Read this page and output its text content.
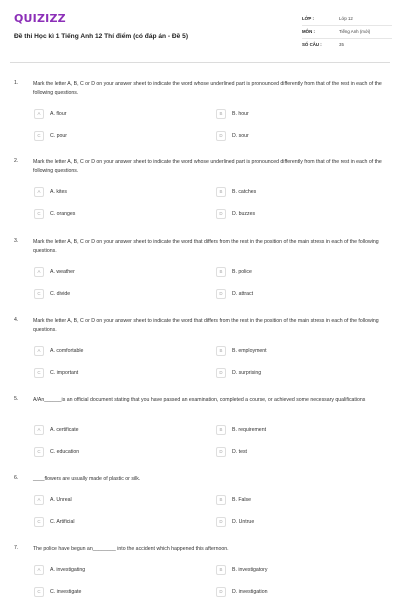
QUIZIZZ
Đề thi Học kì 1 Tiếng Anh 12 Thí điểm (có đáp án - Đề 5)
LỚP :	Lớp 12
MÔN :	Tiếng Anh (mới)
SỐ CÂU :	35
1.	Mark the letter A, B, C or D on your answer sheet to indicate the word whose underlined part is pronounced differently from that of the rest in each of the following questions.
A	A. flour	B	B. hour
C	C. pour	D	D. sour
2.	Mark the letter A, B, C or D on your answer sheet to indicate the word whose underlined part is pronounced differently from that of the rest in each of the following questions.
A	A. kites	B	B. catches
C	C. oranges	D	D. buzzes
3.	Mark the letter A, B, C or D on your answer sheet to indicate the word that differs from the rest in the position of the main stress in each of the following questions.
A	A. weather	B	B. police
C	C. divide	D	D. attract
4.	Mark the letter A, B, C or D on your answer sheet to indicate the word that differs from the rest in the position of the main stress in each of the following questions.
A	A. comfortable	B	B. employment
C	C. important	D	D. surprising
5.	A/An______is an official document stating that you have passed an examination, completed a course, or achieved some necessary qualifications
A	A. certificate	B	B. requirement
C	C. education	D	D. test
6.	____flowers are usually made of plastic or silk.
A	A. Unreal	B	B. False
C	C. Artificial	D	D. Untrue
7.	The police have begun an________ into the accident which happened this afternoon.
A	A. investigating	B	B. investigatory
C	C. investigate	D	D. investigation
